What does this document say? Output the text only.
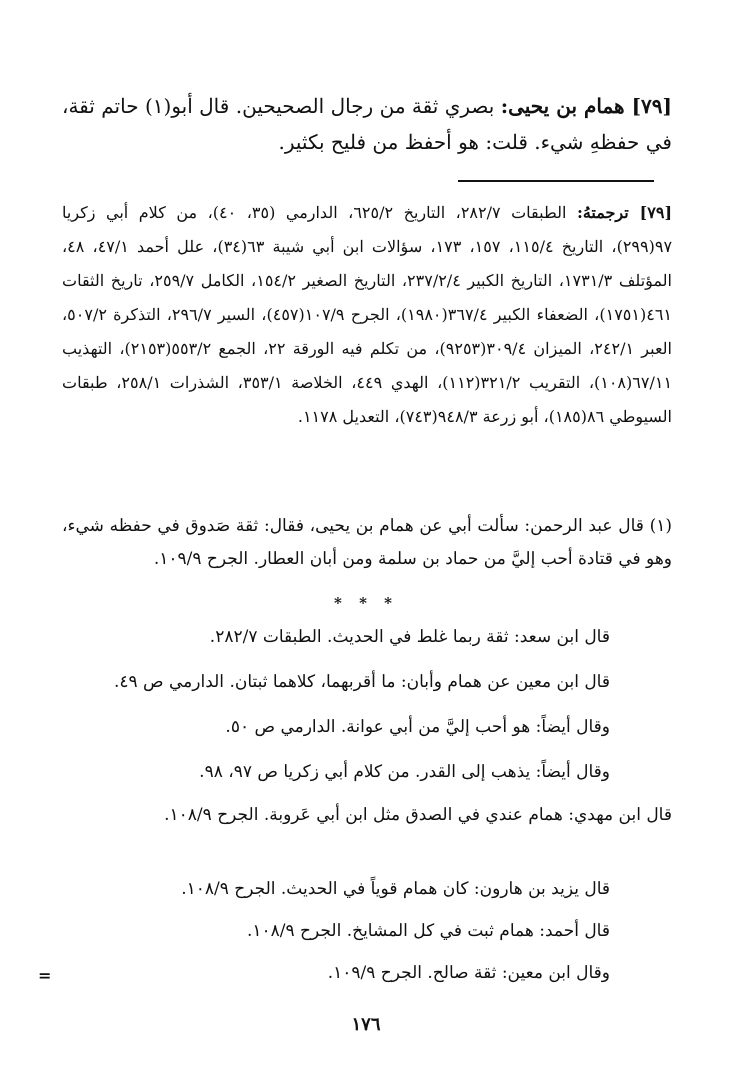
[٧٩] همام بن يحيى: بصري ثقة من رجال الصحيحين. قال أبو(١) حاتم ثقة، في حفظهِ شيء. قلت: هو أحفظ من فليح بكثير.
[٧٩] ترجمتهُ: الطبقات ٢٨٢/٧، التاريخ ٦٢٥/٢، الدارمي (٣٥، ٤٠)، من كلام أبي زكريا ٩٧(٢٩٩)، التاريخ ١١٥/٤، ١٥٧، ١٧٣، سؤالات ابن أبي شيبة ٦٣(٣٤)، علل أحمد ٤٧/١، ٤٨، المؤتلف ١٧٣١/٣، التاريخ الكبير ٢٣٧/٢/٤، التاريخ الصغير ١٥٤/٢، الكامل ٢٥٩/٧، تاريخ الثقات ٤٦١(١٧٥١)، الضعفاء الكبير ٣٦٧/٤(١٩٨٠)، الجرح ١٠٧/٩(٤٥٧)، السير ٢٩٦/٧، التذكرة ٥٠٧/٢، العبر ٢٤٢/١، الميزان ٣٠٩/٤(٩٢٥٣)، من تكلم فيه الورقة ٢٢، الجمع ٥٥٣/٢(٢١٥٣)، التهذيب ٦٧/١١(١٠٨)، التقريب ٣٢١/٢(١١٢)، الهدي ٤٤٩، الخلاصة ٣٥٣/١، الشذرات ٢٥٨/١، طبقات السيوطي ٨٦(١٨٥)، أبو زرعة ٩٤٨/٣(٧٤٣)، التعديل ١١٧٨.
(١) قال عبد الرحمن: سألت أبي عن همام بن يحيى، فقال: ثقة صَدوق في حفظه شيء، وهو في قتادة أحب إليَّ من حماد بن سلمة ومن أبان العطار. الجرح ١٠٩/٩.
* * *
قال ابن سعد: ثقة ربما غلط في الحديث. الطبقات ٢٨٢/٧.
قال ابن معين عن همام وأبان: ما أقربهما، كلاهما ثبتان. الدارمي ص ٤٩.
وقال أيضاً: هو أحب إليَّ من أبي عوانة. الدارمي ص ٥٠.
وقال أيضاً: يذهب إلى القدر. من كلام أبي زكريا ص ٩٧، ٩٨.
قال ابن مهدي: همام عندي في الصدق مثل ابن أبي عَروبة. الجرح ١٠٨/٩.
قال يزيد بن هارون: كان همام قوياً في الحديث. الجرح ١٠٨/٩.
قال أحمد: همام ثبت في كل المشايخ. الجرح ١٠٨/٩.
وقال ابن معين: ثقة صالح. الجرح ١٠٩/٩.
=
١٧٦
